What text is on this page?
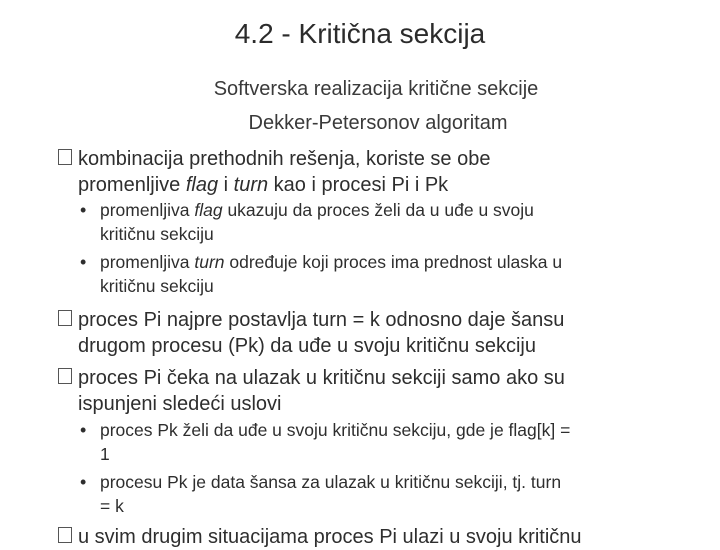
4.2 - Kritična sekcija
Softverska realizacija kritične sekcije
Dekker-Petersonov algoritam
kombinacija prethodnih rešenja, koriste se obe
promenljive flag i turn kao i procesi Pi i Pk
• promenljiva flag ukazuju da proces želi da u uđe u svoju
kritičnu sekciju
• promenljiva turn određuje koji proces ima prednost ulaska u
kritičnu sekciju
proces Pi najpre postavlja turn = k odnosno daje šansu
drugom procesu (Pk) da uđe u svoju kritičnu sekciju
proces Pi čeka na ulazak u kritičnu sekciji samo ako su
ispunjeni sledeći uslovi
• proces Pk želi da uđe u svoju kritičnu sekciju, gde je flag[k] =
1
• procesu Pk je data šansa za ulazak u kritičnu sekciji, tj. turn
= k
u svim drugim situacijama proces Pi ulazi u svoju kritičnu
